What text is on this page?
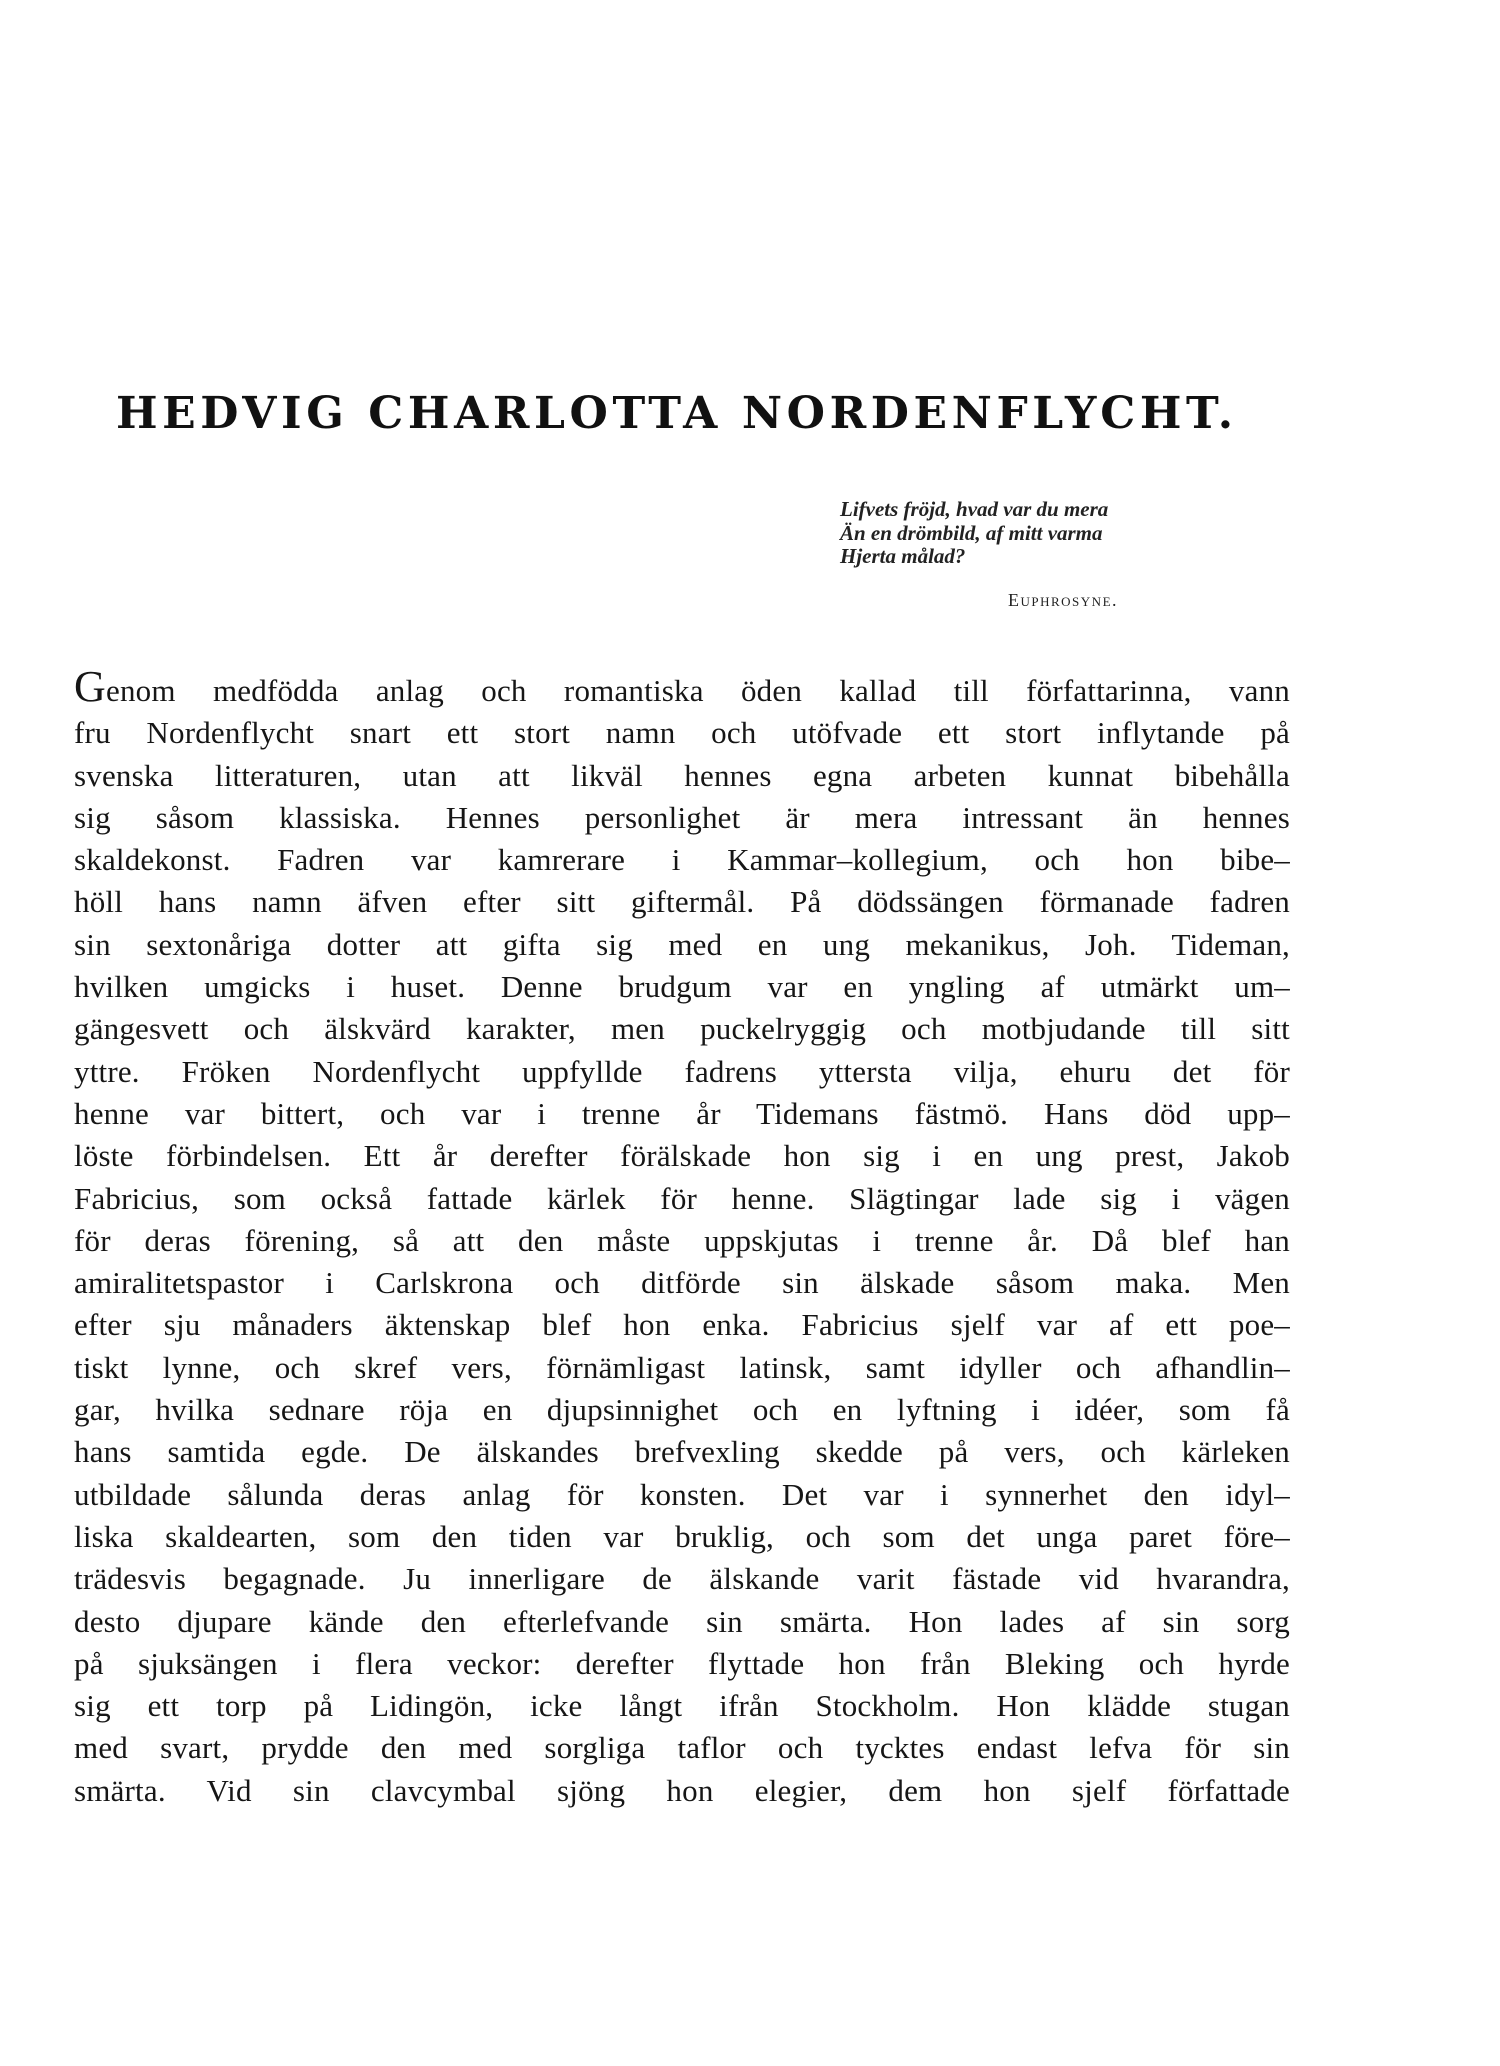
HEDVIG CHARLOTTA NORDENFLYCHT.
Lifvets fröjd, hvad var du mera
Än en drömbild, af mitt varma
Hjerta målad?
Euphrosyne.
Genom medfödda anlag och romantiska öden kallad till författarinna, vann
fru Nordenflycht snart ett stort namn och utöfvade ett stort inflytande på
svenska litteraturen, utan att likväl hennes egna arbeten kunnat bibehålla
sig såsom klassiska. Hennes personlighet är mera intressant än hennes
skaldekonst. Fadren var kamrerare i Kammar–kollegium, och hon bibe–
höll hans namn äfven efter sitt giftermål. På dödssängen förmanade fadren
sin sextonåriga dotter att gifta sig med en ung mekanikus, Joh. Tideman,
hvilken umgicks i huset. Denne brudgum var en yngling af utmärkt um–
gängesvett och älskvärd karakter, men puckelryggig och motbjudande till sitt
yttre. Fröken Nordenflycht uppfyllde fadrens yttersta vilja, ehuru det för
henne var bittert, och var i trenne år Tidemans fästmö. Hans död upp–
löste förbindelsen. Ett år derefter förälskade hon sig i en ung prest, Jakob
Fabricius, som också fattade kärlek för henne. Slägtingar lade sig i vägen
för deras förening, så att den måste uppskjutas i trenne år. Då blef han
amiralitetspastor i Carlskrona och ditförde sin älskade såsom maka. Men
efter sju månaders äktenskap blef hon enka. Fabricius sjelf var af ett poe–
tiskt lynne, och skref vers, förnämligast latinsk, samt idyller och afhandlin–
gar, hvilka sednare röja en djupsinnighet och en lyftning i idéer, som få
hans samtida egde. De älskandes brefvexling skedde på vers, och kärleken
utbildade sålunda deras anlag för konsten. Det var i synnerhet den idyl–
liska skaldearten, som den tiden var bruklig, och som det unga paret före–
trädesvis begagnade. Ju innerligare de älskande varit fästade vid hvarandra,
desto djupare kände den efterlefvande sin smärta. Hon lades af sin sorg
på sjuksängen i flera veckor: derefter flyttade hon från Bleking och hyrde
sig ett torp på Lidingön, icke långt ifrån Stockholm. Hon klädde stugan
med svart, prydde den med sorgliga taflor och tycktes endast lefva för sin
smärta. Vid sin clavcymbal sjöng hon elegier, dem hon sjelf författade
